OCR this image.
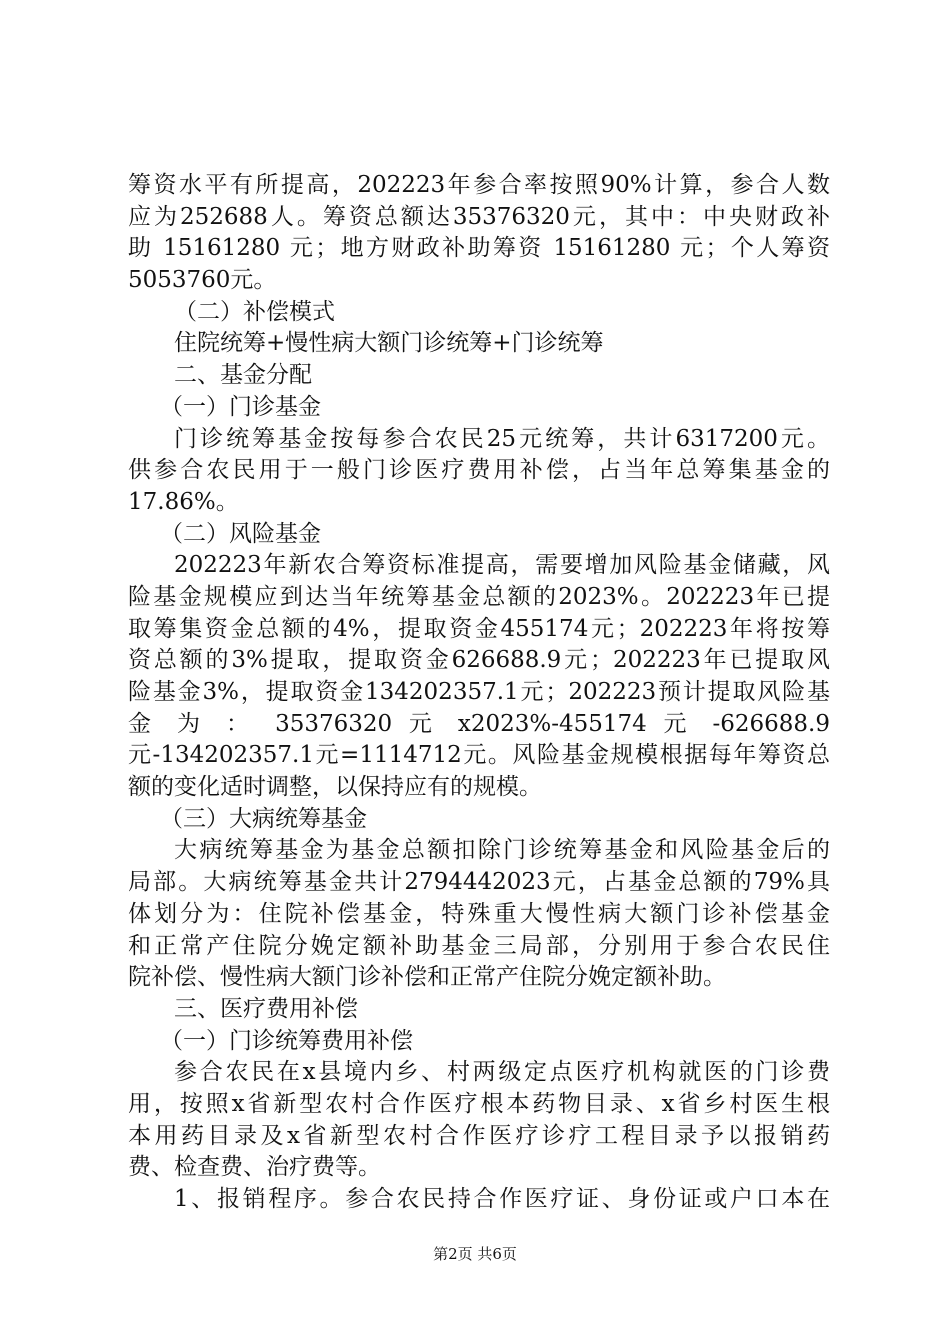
筹资水平有所提高，202223年参合率按照90%计算，参合人数
应为252688人。筹资总额达35376320元，其中：中央财政补
助 15161280 元；地方财政补助筹资 15161280 元；个人筹资
5053760元。
（二）补偿模式
住院统筹+慢性病大额门诊统筹+门诊统筹
二、基金分配
（一）门诊基金
门诊统筹基金按每参合农民25元统筹，共计6317200元。
供参合农民用于一般门诊医疗费用补偿，占当年总筹集基金的
17.86%。
（二）风险基金
202223年新农合筹资标准提高，需要增加风险基金储藏，风
险基金规模应到达当年统筹基金总额的2023%。202223年已提
取筹集资金总额的4%，提取资金455174元；202223年将按筹
资总额的3%提取，提取资金626688.9元；202223年已提取风
险基金3%，提取资金134202357.1元；202223预计提取风险基
金 为 ： 35376320 元 x2023%-455174 元 -626688.9
元-134202357.1元=1114712元。风险基金规模根据每年筹资总
额的变化适时调整，以保持应有的规模。
（三）大病统筹基金
大病统筹基金为基金总额扣除门诊统筹基金和风险基金后的
局部。大病统筹基金共计2794442023元，占基金总额的79%具
体划分为：住院补偿基金，特殊重大慢性病大额门诊补偿基金
和正常产住院分娩定额补助基金三局部，分别用于参合农民住
院补偿、慢性病大额门诊补偿和正常产住院分娩定额补助。
三、医疗费用补偿
（一）门诊统筹费用补偿
参合农民在x县境内乡、村两级定点医疗机构就医的门诊费
用，按照x省新型农村合作医疗根本药物目录、x省乡村医生根
本用药目录及x省新型农村合作医疗诊疗工程目录予以报销药
费、检查费、治疗费等。
1、报销程序。参合农民持合作医疗证、身份证或户口本在
第2页 共6页
